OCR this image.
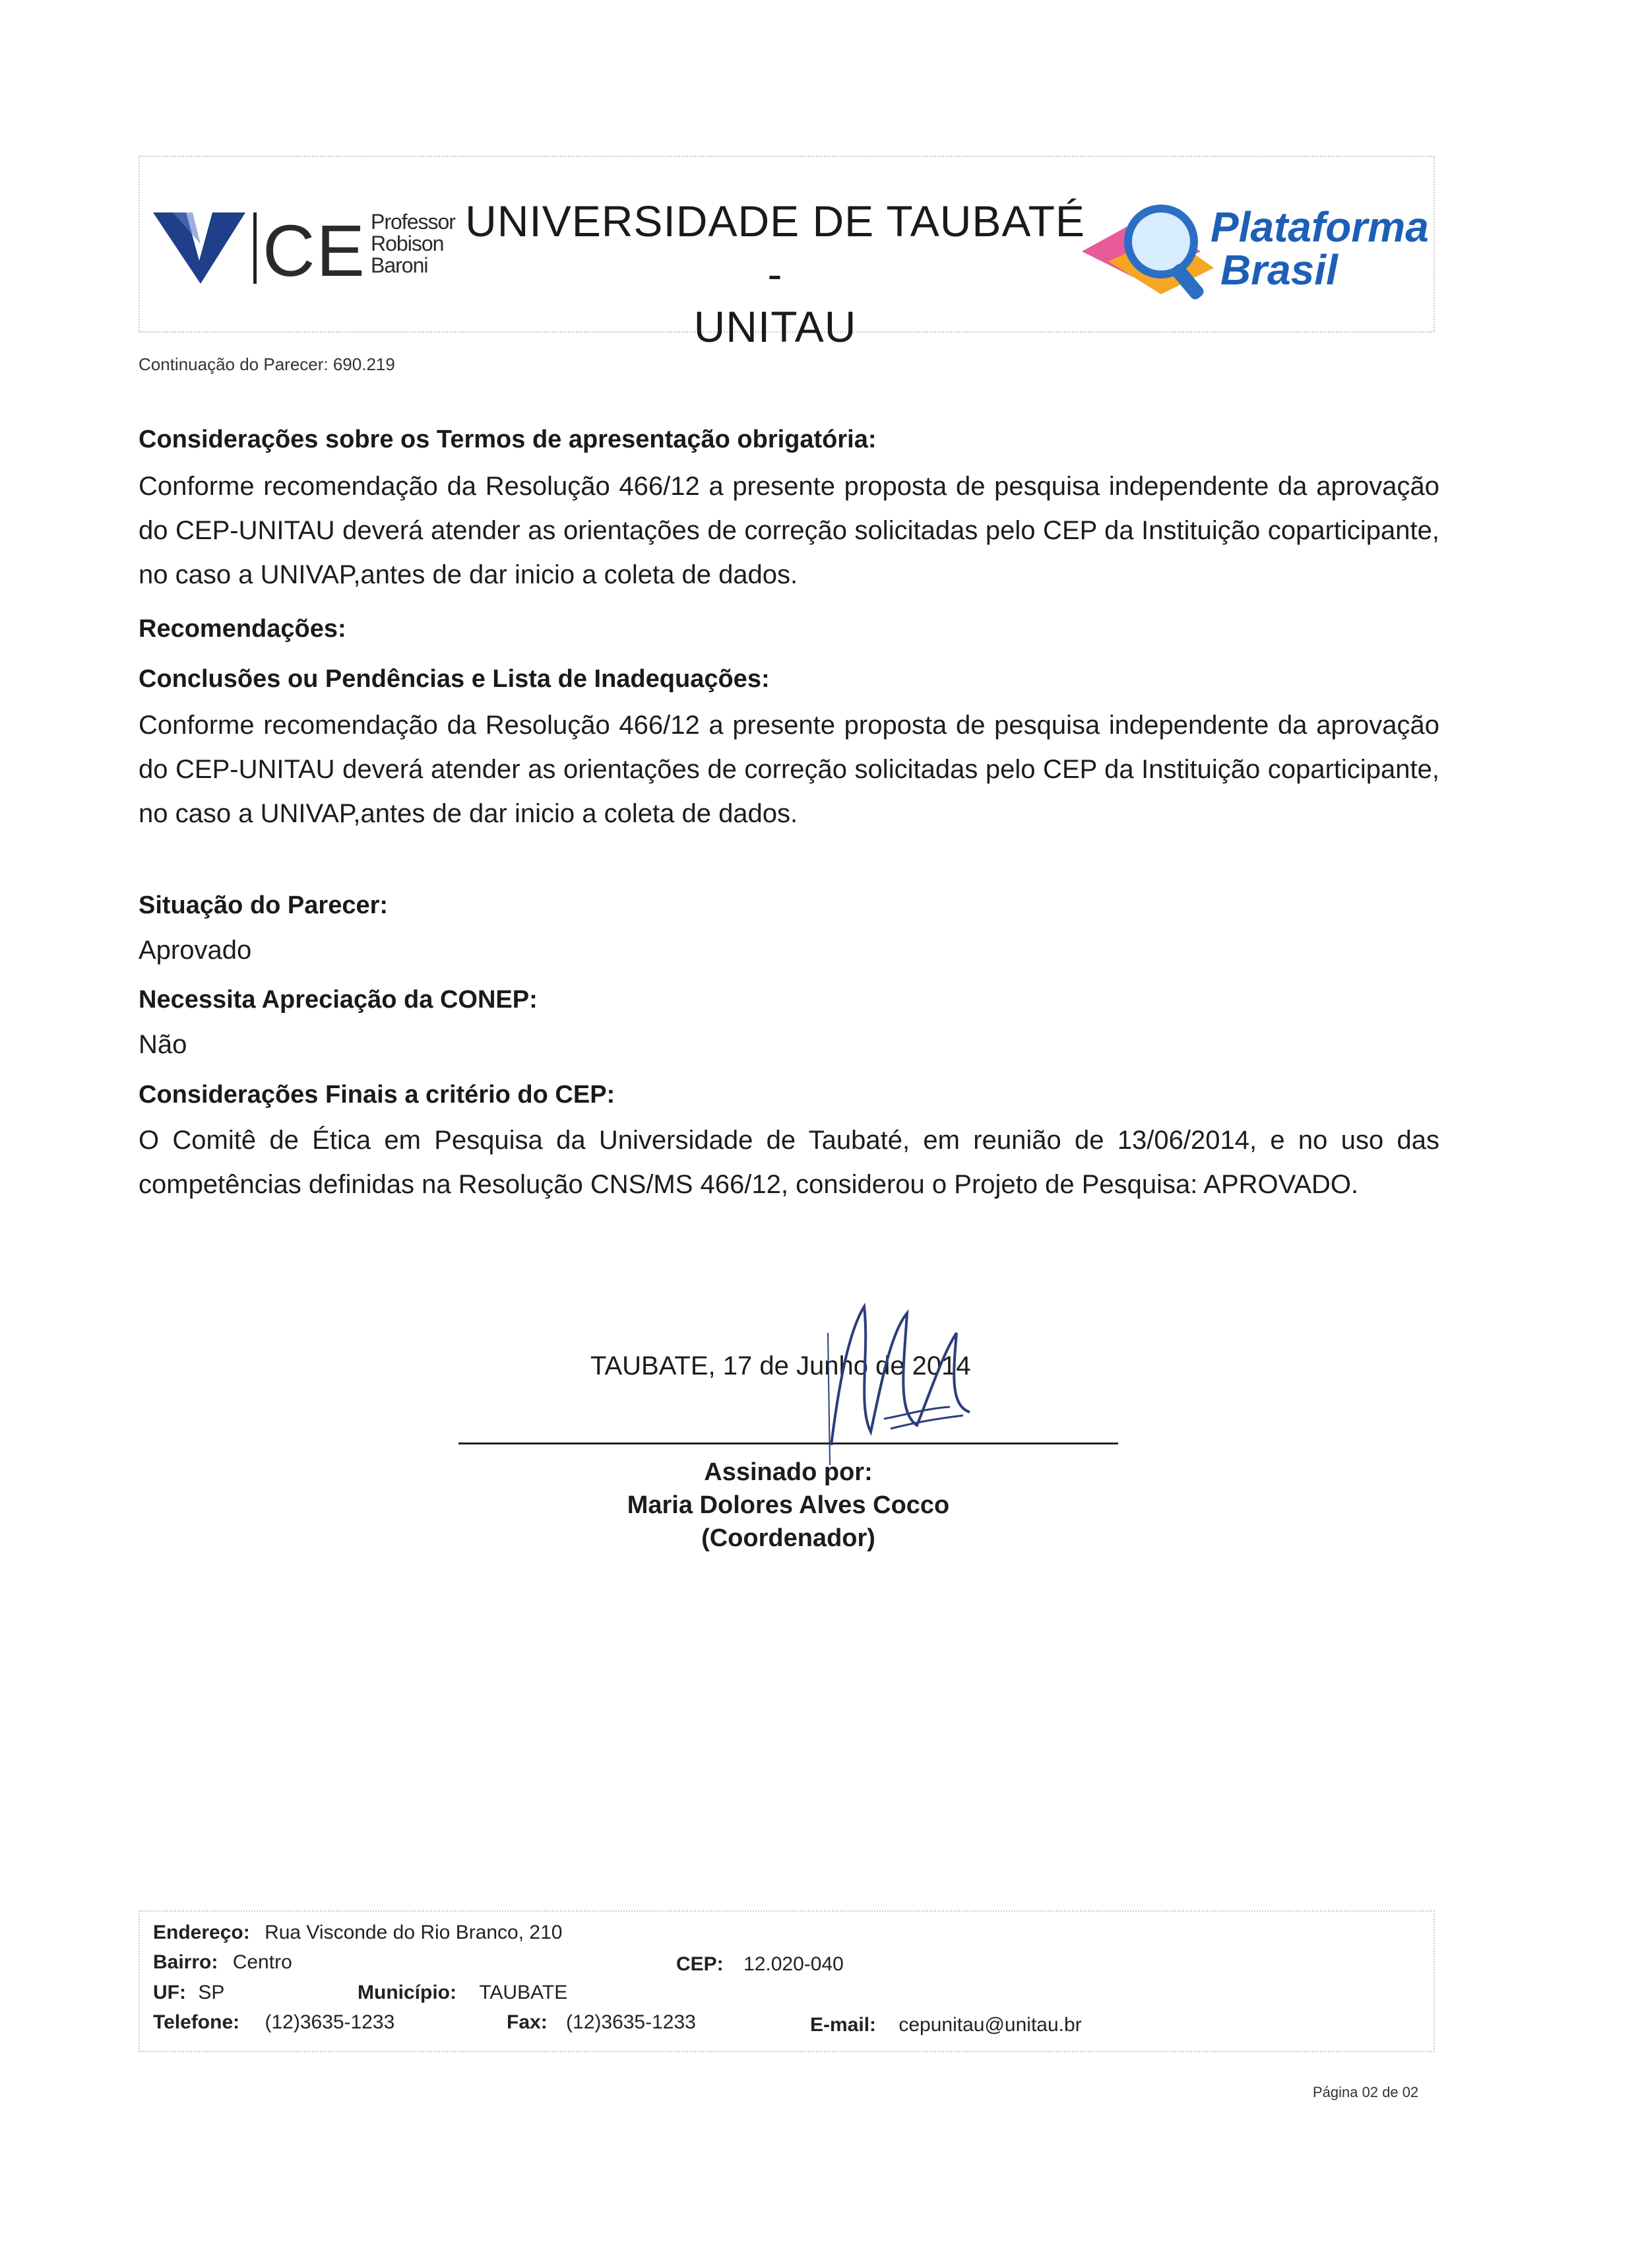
CE Professor
Robison
Baroni
UNIVERSIDADE DE TAUBATÉ -
UNITAU
Plataforma
Brasil
Continuação do Parecer: 690.219
Considerações sobre os Termos de apresentação obrigatória:
Conforme recomendação da Resolução 466/12 a presente proposta de pesquisa independente da aprovação do CEP-UNITAU deverá atender as orientações de correção solicitadas pelo CEP da Instituição coparticipante, no caso a UNIVAP,antes de dar inicio a coleta de dados.
Recomendações:
Conclusões ou Pendências e Lista de Inadequações:
Conforme recomendação da Resolução 466/12 a presente proposta de pesquisa independente da aprovação do CEP-UNITAU deverá atender as orientações de correção solicitadas pelo CEP da Instituição coparticipante, no caso a UNIVAP,antes de dar inicio a coleta de dados.
Situação do Parecer:
Aprovado
Necessita Apreciação da CONEP:
Não
Considerações Finais a critério do CEP:
O Comitê de Ética em Pesquisa da Universidade de Taubaté, em reunião de 13/06/2014, e no uso das competências definidas na Resolução CNS/MS 466/12, considerou o Projeto de Pesquisa: APROVADO.
TAUBATE, 17 de Junho de 2014
Assinado por:
Maria Dolores Alves Cocco
(Coordenador)
Endereço: Rua Visconde do Rio Branco, 210
Bairro: Centro	CEP: 12.020-040
UF: SP	Município: TAUBATE
Telefone: (12)3635-1233	Fax: (12)3635-1233	E-mail: cepunitau@unitau.br
Página 02 de 02
